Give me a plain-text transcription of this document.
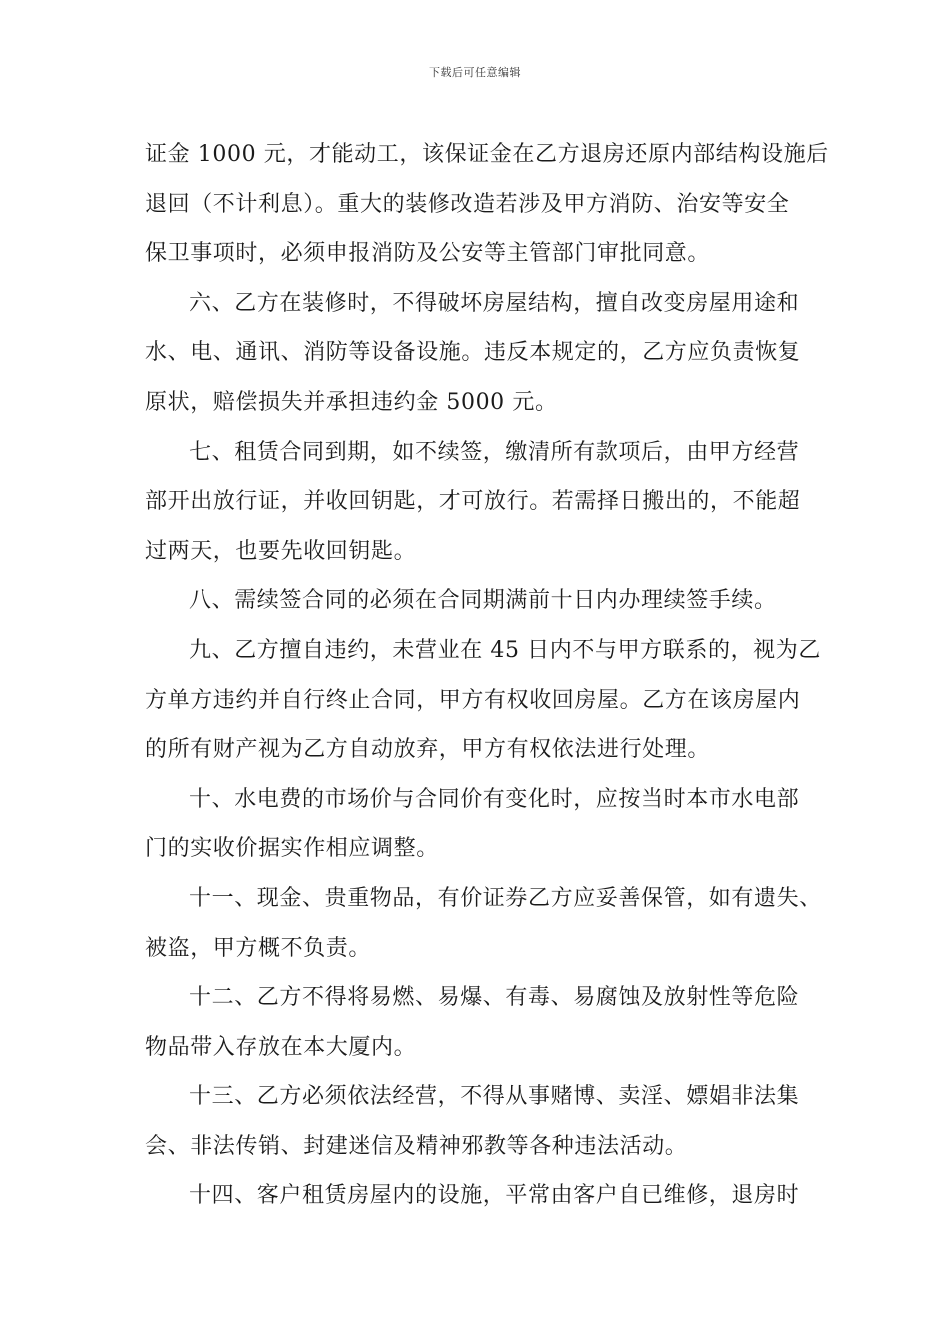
下载后可任意编辑
证金 1000 元，才能动工，该保证金在乙方退房还原内部结构设施后
退回（不计利息）。重大的装修改造若涉及甲方消防、治安等安全
保卫事项时，必须申报消防及公安等主管部门审批同意。
六、乙方在装修时，不得破坏房屋结构，擅自改变房屋用途和
水、电、通讯、消防等设备设施。违反本规定的，乙方应负责恢复
原状，赔偿损失并承担违约金 5000 元。
七、租赁合同到期，如不续签，缴清所有款项后，由甲方经营
部开出放行证，并收回钥匙，才可放行。若需择日搬出的，不能超
过两天，也要先收回钥匙。
八、需续签合同的必须在合同期满前十日内办理续签手续。
九、乙方擅自违约，未营业在 45 日内不与甲方联系的，视为乙
方单方违约并自行终止合同，甲方有权收回房屋。乙方在该房屋内
的所有财产视为乙方自动放弃，甲方有权依法进行处理。
十、水电费的市场价与合同价有变化时，应按当时本市水电部
门的实收价据实作相应调整。
十一、现金、贵重物品，有价证券乙方应妥善保管，如有遗失、
被盗，甲方概不负责。
十二、乙方不得将易燃、易爆、有毒、易腐蚀及放射性等危险
物品带入存放在本大厦内。
十三、乙方必须依法经营，不得从事赌博、卖淫、嫖娼非法集
会、非法传销、封建迷信及精神邪教等各种违法活动。
十四、客户租赁房屋内的设施，平常由客户自已维修，退房时
